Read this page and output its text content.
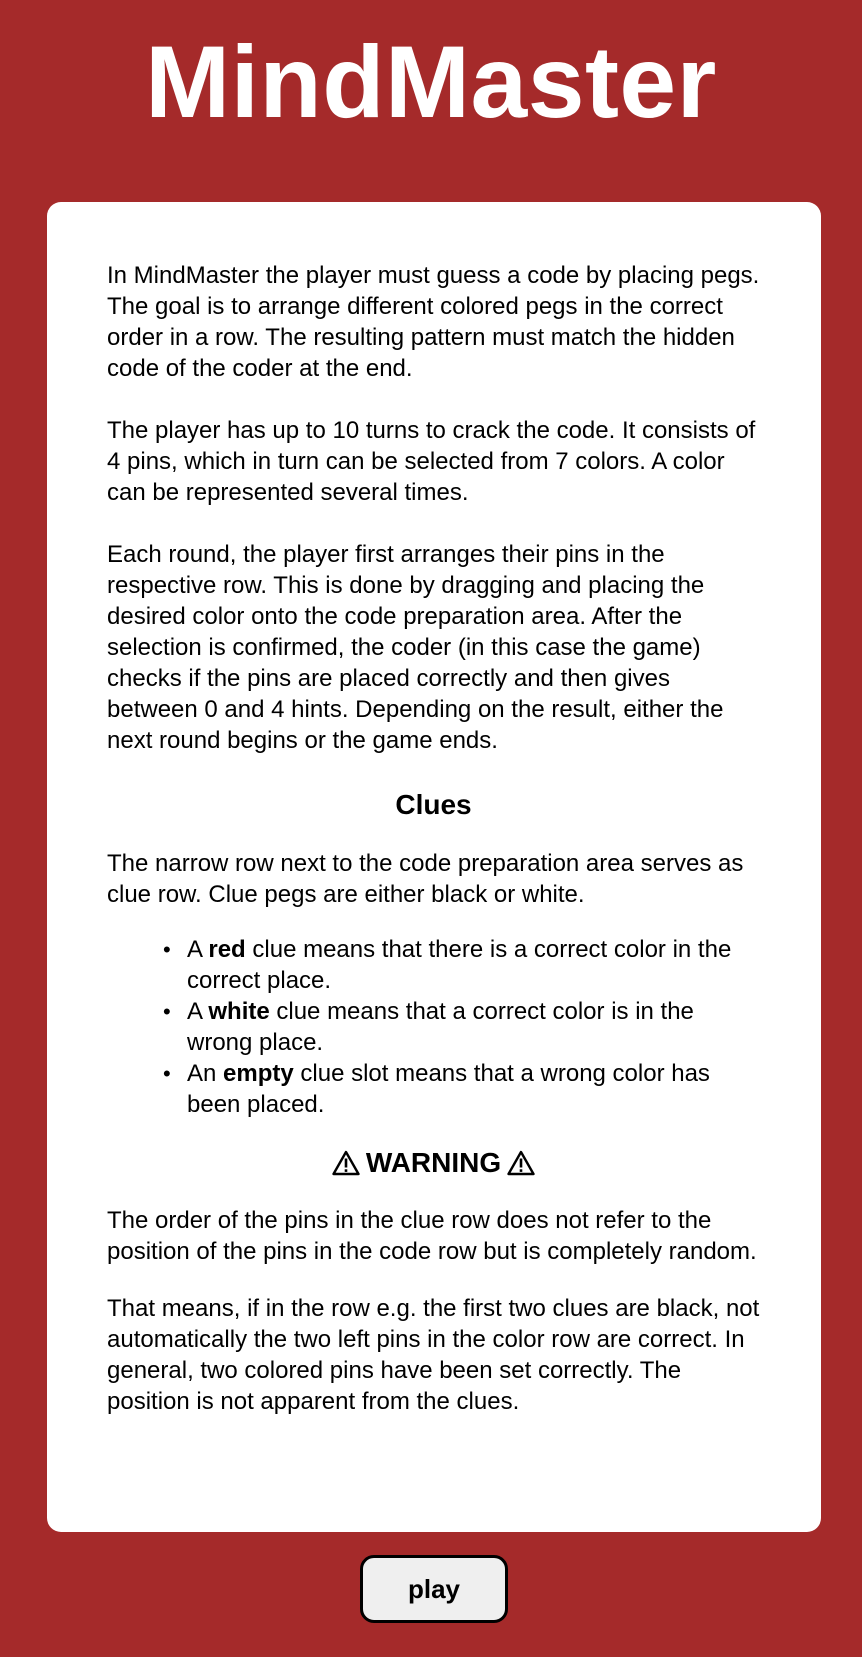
MindMaster

In MindMaster the player must guess a code by placing pegs. The goal is to arrange different colored pegs in the correct order in a row. The resulting pattern must match the hidden code of the coder at the end.

The player has up to 10 turns to crack the code. It consists of 4 pins, which in turn can be selected from 7 colors. A color can be represented several times.

Each round, the player first arranges their pins in the respective row. This is done by dragging and placing the desired color onto the code preparation area. After the selection is confirmed, the coder (in this case the game) checks if the pins are placed correctly and then gives between 0 and 4 hints. Depending on the result, either the next round begins or the game ends.

Clues

The narrow row next to the code preparation area serves as clue row. Clue pegs are either black or white.

• A red clue means that there is a correct color in the correct place.
• A white clue means that a correct color is in the wrong place.
• An empty clue slot means that a wrong color has been placed.
WARNING

The order of the pins in the clue row does not refer to the position of the pins in the code row but is completely random.

That means, if in the row e.g. the first two clues are black, not automatically the two left pins in the color row are correct. In general, two colored pins have been set correctly. The position is not apparent from the clues.

play
